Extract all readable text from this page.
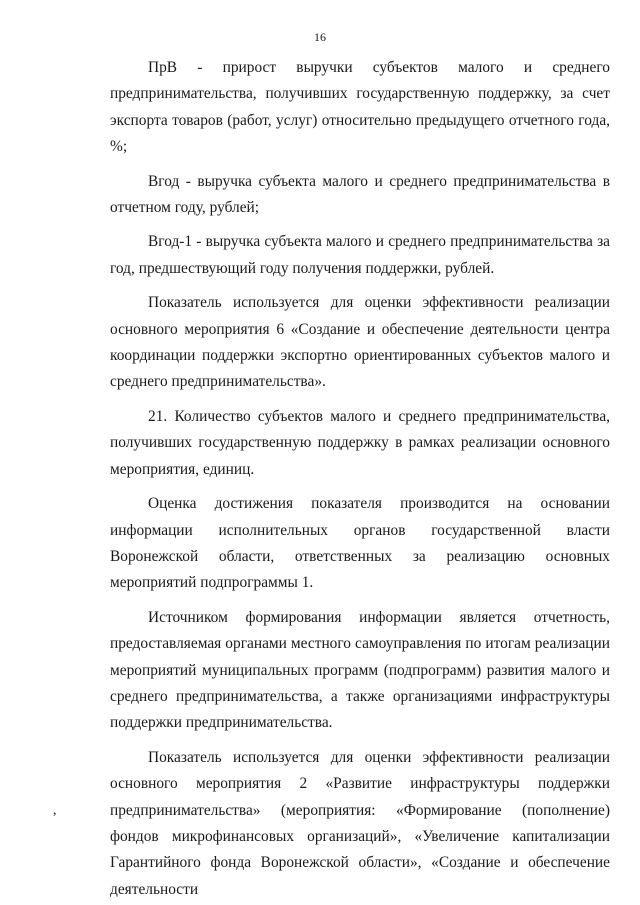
16

ПрВ - прирост выручки субъектов малого и среднего предпринимательства, получивших государственную поддержку, за счет экспорта товаров (работ, услуг) относительно предыдущего отчетного года, %;

Вгод - выручка субъекта малого и среднего предпринимательства в отчетном году, рублей;

Вгод-1 - выручка субъекта малого и среднего предпринимательства за год, предшествующий году получения поддержки, рублей.

Показатель используется для оценки эффективности реализации основного мероприятия 6 «Создание и обеспечение деятельности центра координации поддержки экспортно ориентированных субъектов малого и среднего предпринимательства».

21. Количество субъектов малого и среднего предпринимательства, получивших государственную поддержку в рамках реализации основного мероприятия, единиц.

Оценка достижения показателя производится на основании информации исполнительных органов государственной власти Воронежской области, ответственных за реализацию основных мероприятий подпрограммы 1.

Источником формирования информации является отчетность, предоставляемая органами местного самоуправления по итогам реализации мероприятий муниципальных программ (подпрограмм) развития малого и среднего предпринимательства, а также организациями инфраструктуры поддержки предпринимательства.

Показатель используется для оценки эффективности реализации основного мероприятия 2 «Развитие инфраструктуры поддержки предпринимательства» (мероприятия: «Формирование (пополнение) фондов микрофинансовых организаций», «Увеличение капитализации Гарантийного фонда Воронежской области», «Создание и обеспечение деятельности

,
